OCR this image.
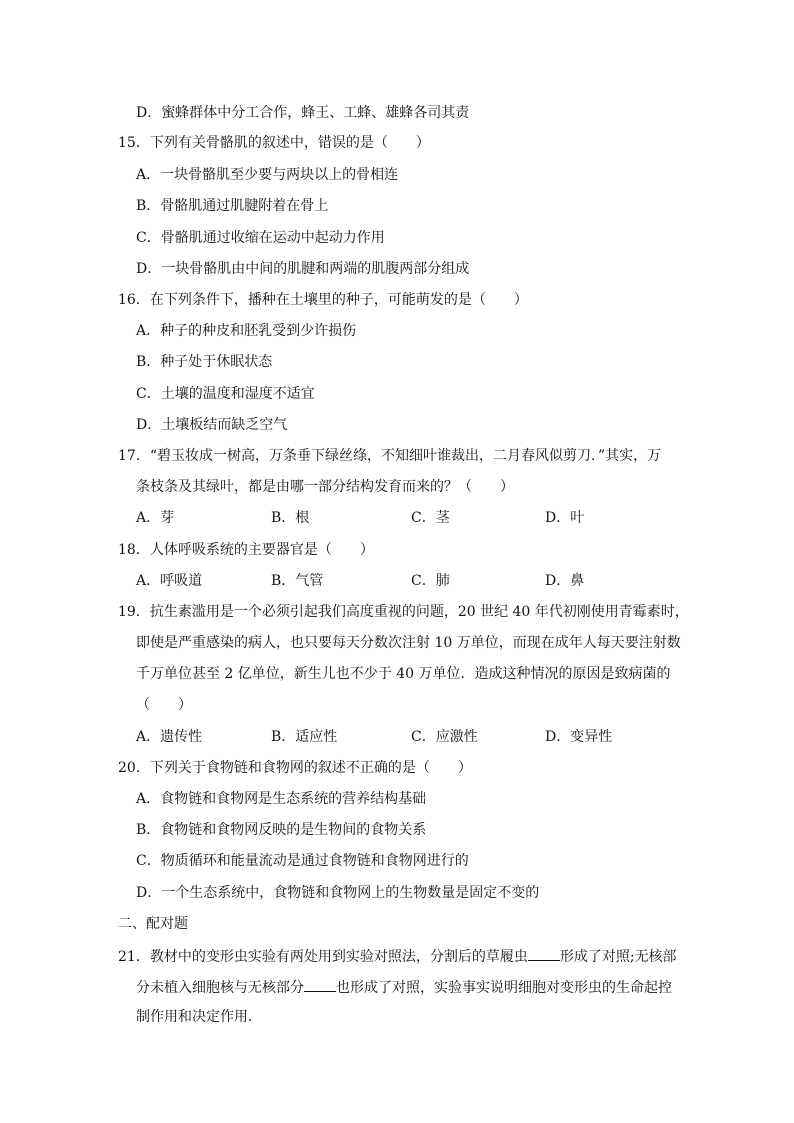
D．蜜蜂群体中分工合作，蜂王、工蜂、雄蜂各司其责
15．下列有关骨骼肌的叙述中，错误的是（　　）
A．一块骨骼肌至少要与两块以上的骨相连
B．骨骼肌通过肌腱附着在骨上
C．骨骼肌通过收缩在运动中起动力作用
D．一块骨骼肌由中间的肌腱和两端的肌腹两部分组成
16．在下列条件下，播种在土壤里的种子，可能萌发的是（　　）
A．种子的种皮和胚乳受到少许损伤
B．种子处于休眠状态
C．土壤的温度和湿度不适宜
D．土壤板结而缺乏空气
17．“碧玉妆成一树高，万条垂下绿丝绦，不知细叶谁裁出，二月春风似剪刀．”其实，万
条枝条及其绿叶，都是由哪一部分结构发育而来的？（　　）
A．芽	B．根	C．茎	D．叶
18．人体呼吸系统的主要器官是（　　）
A．呼吸道	B．气管	C．肺	D．鼻
19．抗生素滥用是一个必须引起我们高度重视的问题，20 世纪 40 年代初刚使用青霉素时，
即使是严重感染的病人，也只要每天分数次注射 10 万单位，而现在成年人每天要注射数
千万单位甚至 2 亿单位，新生儿也不少于 40 万单位．造成这种情况的原因是致病菌的
（　　）
A．遗传性	B．适应性	C．应激性	D．变异性
20．下列关于食物链和食物网的叙述不正确的是（　　）
A．食物链和食物网是生态系统的营养结构基础
B．食物链和食物网反映的是生物间的食物关系
C．物质循环和能量流动是通过食物链和食物网进行的
D．一个生态系统中，食物链和食物网上的生物数量是固定不变的
二、配对题
21．教材中的变形虫实验有两处用到实验对照法，分割后的草履虫 形成了对照;无核部
分未植入细胞核与无核部分 也形成了对照，实验事实说明细胞对变形虫的生命起控
制作用和决定作用．
